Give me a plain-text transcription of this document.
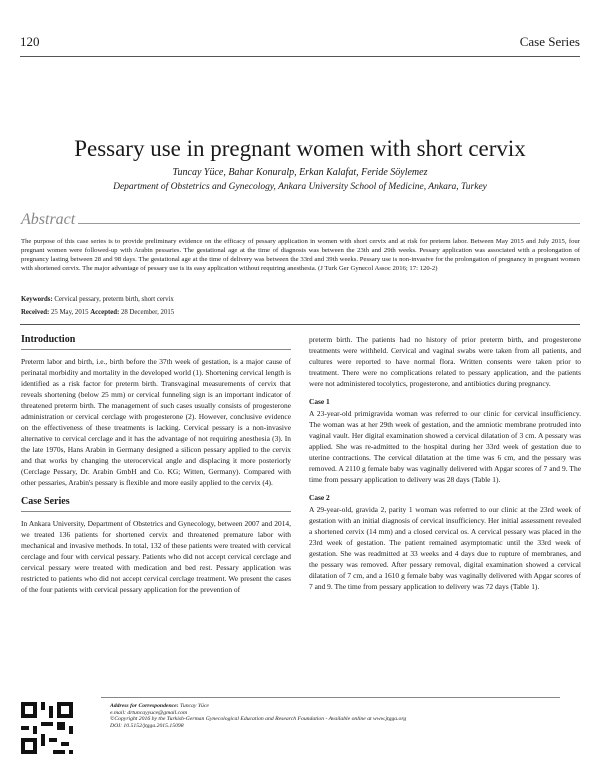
120	Case Series
Pessary use in pregnant women with short cervix
Tuncay Yüce, Bahar Konuralp, Erkan Kalafat, Feride Söylemez
Department of Obstetrics and Gynecology, Ankara University School of Medicine, Ankara, Turkey
Abstract
The purpose of this case series is to provide preliminary evidence on the efficacy of pessary application in women with short cervix and at risk for preterm labor. Between May 2015 and July 2015, four pregnant women were followed-up with Arabin pessaries. The gestational age at the time of diagnosis was between the 23th and 29th weeks. Pessary application was associated with a prolongation of pregnancy lasting between 28 and 98 days. The gestational age at the time of delivery was between the 33rd and 39th weeks. Pessary use is non-invasive for the prolongation of pregnancy in pregnant women with shortened cervix. The major advantage of pessary use is its easy application without requiring anesthesia. (J Turk Ger Gynecol Assoc 2016; 17: 120-2)
Keywords: Cervical pessary, preterm birth, short cervix
Received: 25 May, 2015 Accepted: 28 December, 2015
Introduction

Preterm labor and birth, i.e., birth before the 37th week of gestation, is a major cause of perinatal morbidity and mortality in the developed world (1). Shortening cervical length is identified as a risk factor for preterm birth. Transvaginal measurements of cervix that reveals shortening (below 25 mm) or cervical funneling sign is an important indicator of threatened preterm birth. The management of such cases usually consists of progesterone administration or cervical cerclage with progesterone (2). However, conclusive evidence on the effectiveness of these treatments is lacking. Cervical pessary is a non-invasive alternative to cervical cerclage and it has the advantage of not requiring anesthesia (3). In the late 1970s, Hans Arabin in Germany designed a silicon pessary applied to the cervix and that works by changing the uterocervical angle and displacing it more posteriorly (Cerclage Pessary, Dr. Arabin GmbH and Co. KG; Witten, Germany). Compared with other pessaries, Arabin's pessary is flexible and more easily applied to the cervix (4).

Case Series

In Ankara University, Department of Obstetrics and Gynecology, between 2007 and 2014, we treated 136 patients for shortened cervix and threatened premature labor with mechanical and invasive methods. In total, 132 of these patients were treated with cervical cerclage and four with cervical pessary. Patients who did not accept cervical cerclage and cervical pessary were treated with medication and bed rest. Pessary application was restricted to patients who did not accept cervical cerclage treatment. We present the cases of the four patients with cervical pessary application for the prevention of

preterm birth. The patients had no history of prior preterm birth, and progesterone treatments were withheld. Cervical and vaginal swabs were taken from all patients, and cultures were reported to have normal flora. Written consents were taken prior to treatment. There were no complications related to pessary application, and the patients were not administered tocolytics, progesterone, and antibiotics during pregnancy.

Case 1

A 23-year-old primigravida woman was referred to our clinic for cervical insufficiency. The woman was at her 29th week of gestation, and the amniotic membrane protruded into vaginal vault. Her digital examination showed a cervical dilatation of 3 cm. A pessary was applied. She was re-admitted to the hospital during her 33rd week of gestation due to uterine contractions. The cervical dilatation at the time was 6 cm, and the pessary was removed. A 2110 g female baby was vaginally delivered with Apgar scores of 7 and 9. The time from pessary application to delivery was 28 days (Table 1).

Case 2

A 29-year-old, gravida 2, parity 1 woman was referred to our clinic at the 23rd week of gestation with an initial diagnosis of cervical insufficiency. Her initial assessment revealed a shortened cervix (14 mm) and a closed cervical os. A cervical pessary was placed in the 23rd week of gestation. The patient remained asymptomatic until the 33rd week of gestation. She was readmitted at 33 weeks and 4 days due to rupture of membranes, and the pessary was removed. After pessary removal, digital examination showed a cervical dilatation of 7 cm, and a 1610 g female baby was vaginally delivered with Apgar scores of 7 and 9. The time from pessary application to delivery was 72 days (Table 1).

Address for Correspondence: Tuncay Yüce
e.mail: drtuncayyuce@gmail.com
©Copyright 2016 by the Turkish-German Gynecological Education and Research Foundation - Available online at www.jtgga.org
DOI: 10.5152/jtgga.2015.15098
